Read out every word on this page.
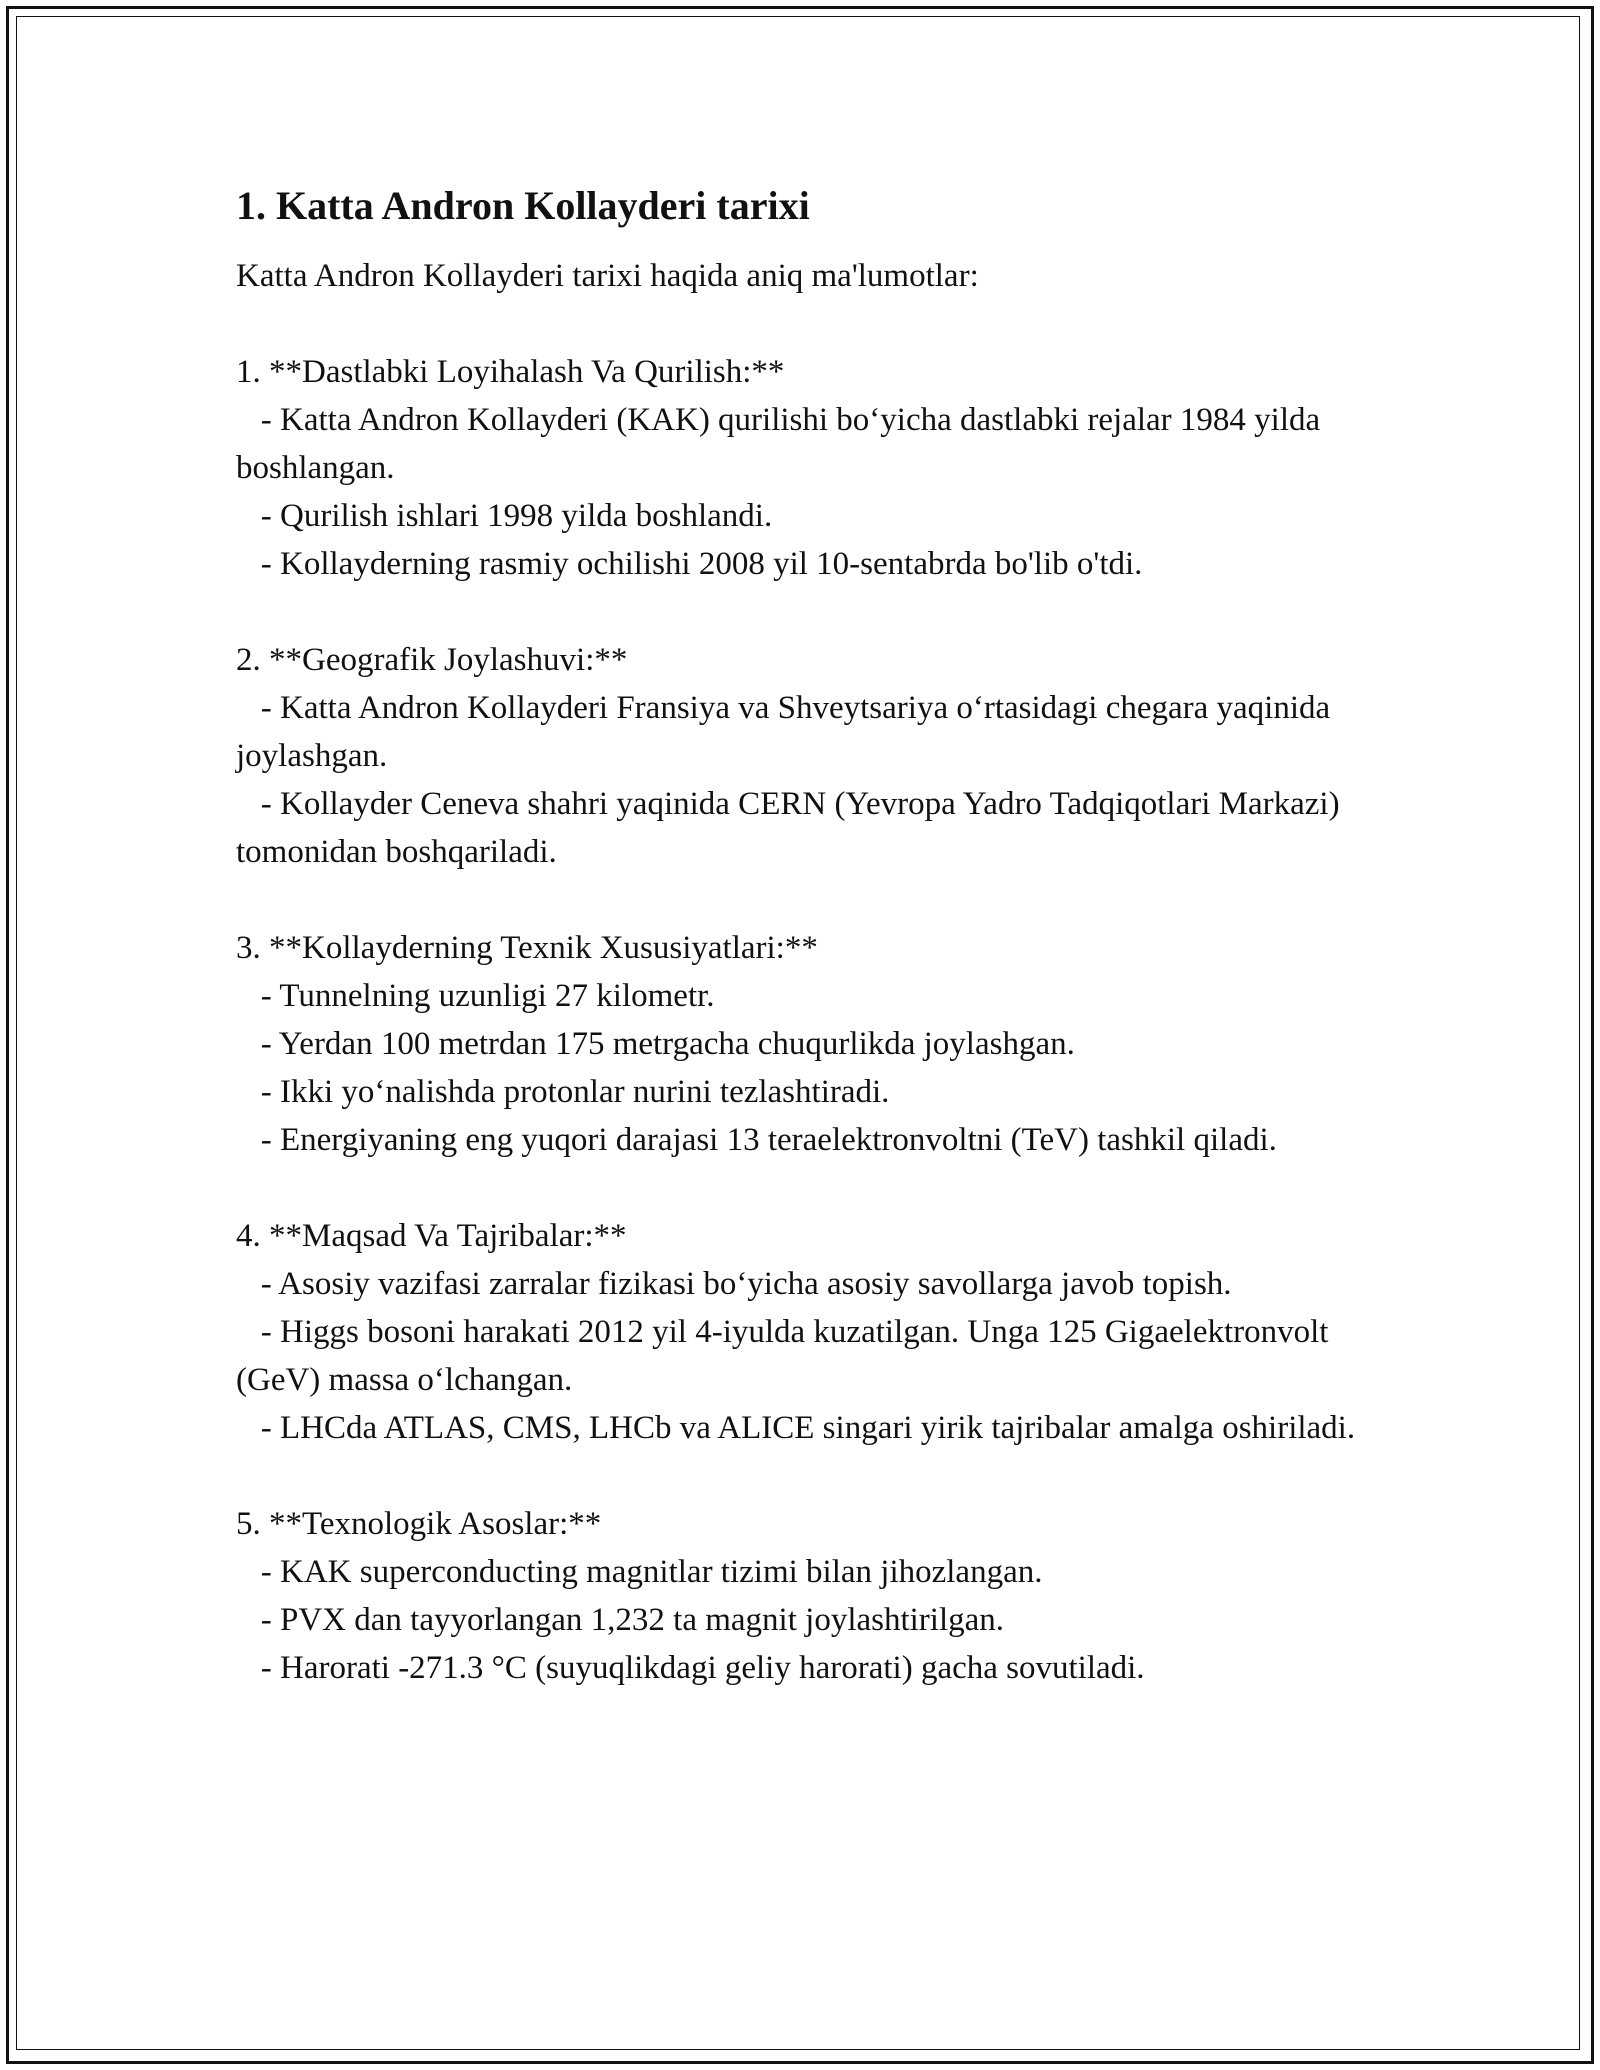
1. Katta Andron Kollayderi tarixi

Katta Andron Kollayderi tarixi haqida aniq ma'lumotlar:

1. **Dastlabki Loyihalash Va Qurilish:**

- Katta Andron Kollayderi (KAK) qurilishi bo‘yicha dastlabki rejalar 1984 yilda boshlangan.

- Qurilish ishlari 1998 yilda boshlandi.

- Kollayderning rasmiy ochilishi 2008 yil 10-sentabrda bo'lib o'tdi.

2. **Geografik Joylashuvi:**

- Katta Andron Kollayderi Fransiya va Shveytsariya o‘rtasidagi chegara yaqinida joylashgan.

- Kollayder Ceneva shahri yaqinida CERN (Yevropa Yadro Tadqiqotlari Markazi) tomonidan boshqariladi.

3. **Kollayderning Texnik Xususiyatlari:**

- Tunnelning uzunligi 27 kilometr.

- Yerdan 100 metrdan 175 metrgacha chuqurlikda joylashgan.

- Ikki yo‘nalishda protonlar nurini tezlashtiradi.

- Energiyaning eng yuqori darajasi 13 teraelektronvoltni (TeV) tashkil qiladi.

4. **Maqsad Va Tajribalar:**

- Asosiy vazifasi zarralar fizikasi bo‘yicha asosiy savollarga javob topish.

- Higgs bosoni harakati 2012 yil 4-iyulda kuzatilgan. Unga 125 Gigaelektronvolt (GeV) massa o‘lchangan.

- LHCda ATLAS, CMS, LHCb va ALICE singari yirik tajribalar amalga oshiriladi.

5. **Texnologik Asoslar:**

- KAK superconducting magnitlar tizimi bilan jihozlangan.

- PVX dan tayyorlangan 1,232 ta magnit joylashtirilgan.

- Harorati -271.3 °C (suyuqlikdagi geliy harorati) gacha sovutiladi.
